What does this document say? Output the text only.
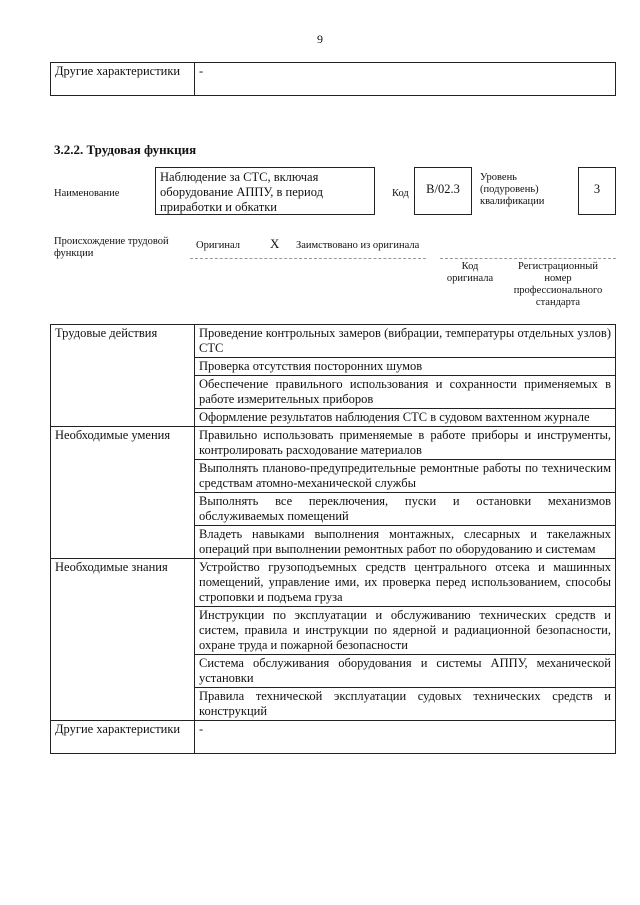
9
Другие характеристики	-
3.2.2. Трудовая функция
Наименование
Наблюдение за СТС, включая оборудование АППУ, в период приработки и обкатки
Код	В/02.3
Уровень (подуровень) квалификации
3
Происхождение трудовой функции
Оригинал X Заимствовано из оригинала
Код оригинала
Регистрационный номер профессионального стандарта
Трудовые действия	Проведение контрольных замеров (вибрации, температуры отдельных узлов) СТС
	Проверка отсутствия посторонних шумов
	Обеспечение правильного использования и сохранности применяемых в работе измерительных приборов
	Оформление результатов наблюдения СТС в судовом вахтенном журнале
Необходимые умения	Правильно использовать применяемые в работе приборы и инструменты, контролировать расходование материалов
	Выполнять планово-предупредительные ремонтные работы по техническим средствам атомно-механической службы
	Выполнять все переключения, пуски и остановки механизмов обслуживаемых помещений
	Владеть навыками выполнения монтажных, слесарных и такелажных операций при выполнении ремонтных работ по оборудованию и системам
Необходимые знания	Устройство грузоподъемных средств центрального отсека и машинных помещений, управление ими, их проверка перед использованием, способы строповки и подъема груза
	Инструкции по эксплуатации и обслуживанию технических средств и систем, правила и инструкции по ядерной и радиационной безопасности, охране труда и пожарной безопасности
	Система обслуживания оборудования и системы АППУ, механической установки
	Правила технической эксплуатации судовых технических средств и конструкций
Другие характеристики	-
